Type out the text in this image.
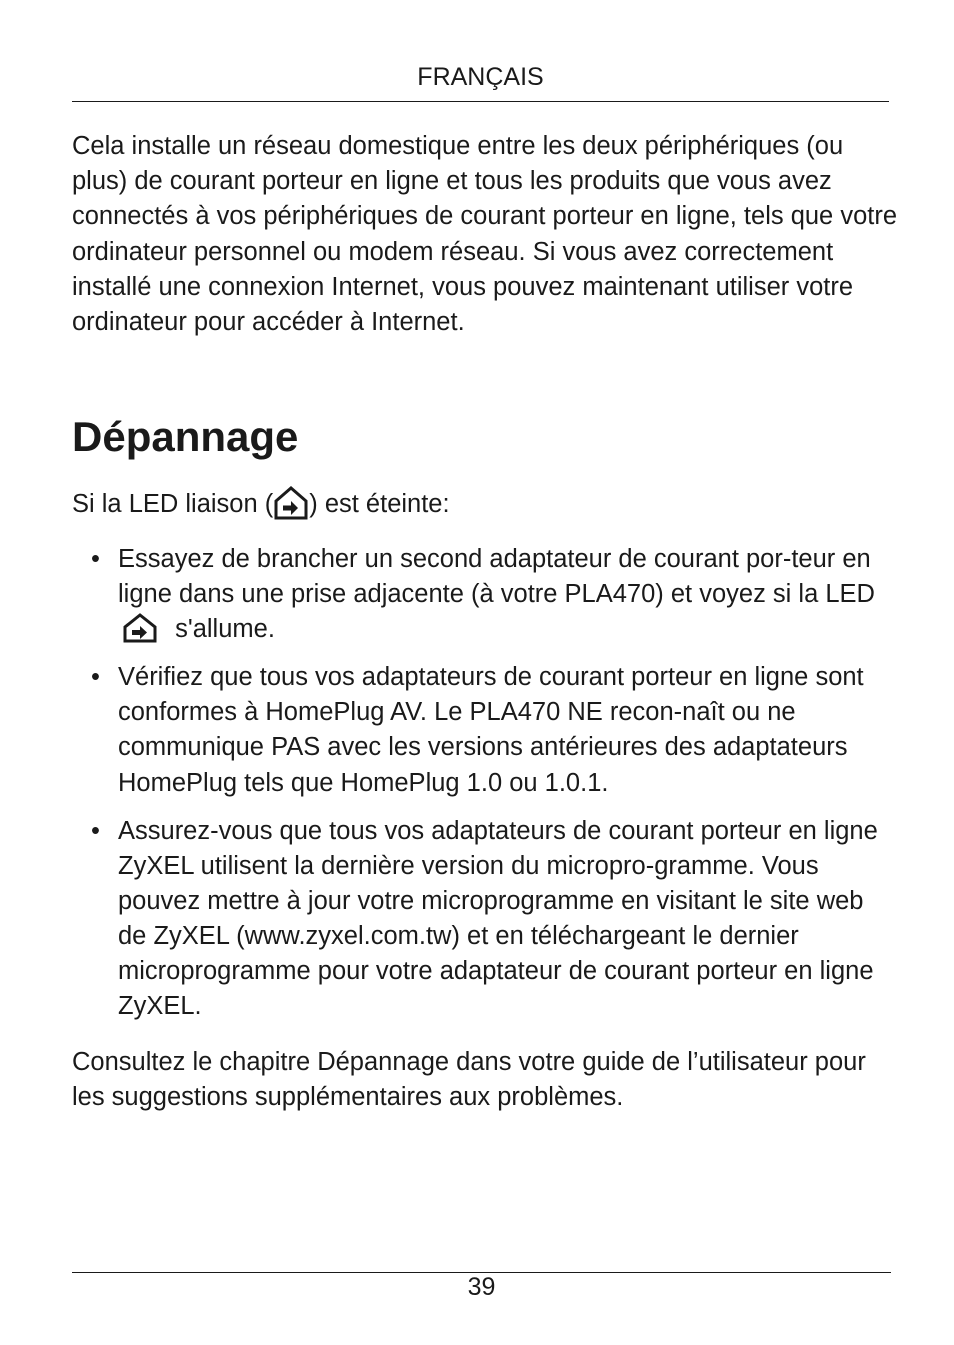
FRANÇAIS

Cela installe un réseau domestique entre les deux périphériques (ou plus) de courant porteur en ligne et tous les produits que vous avez connectés à vos périphériques de courant porteur en ligne, tels que votre ordinateur personnel ou modem réseau. Si vous avez correctement installé une connexion Internet, vous pouvez maintenant utiliser votre ordinateur pour accéder à Internet.

Dépannage

Si la LED liaison ( ) est éteinte:

• Essayez de brancher un second adaptateur de courant por-teur en ligne dans une prise adjacente (à votre PLA470) et voyez si la LED
s'allume.
• Vérifiez que tous vos adaptateurs de courant porteur en ligne sont conformes à HomePlug AV. Le PLA470 NE recon-naît ou ne communique PAS avec les versions antérieures des adaptateurs HomePlug tels que HomePlug 1.0 ou 1.0.1.
• Assurez-vous que tous vos adaptateurs de courant porteur en ligne ZyXEL utilisent la dernière version du micropro-gramme. Vous pouvez mettre à jour votre microprogramme en visitant le site web de ZyXEL (www.zyxel.com.tw) et en téléchargeant le dernier microprogramme pour votre adaptateur de courant porteur en ligne ZyXEL.

Consultez le chapitre Dépannage dans votre guide de l’utilisateur pour les suggestions supplémentaires aux problèmes.

39
